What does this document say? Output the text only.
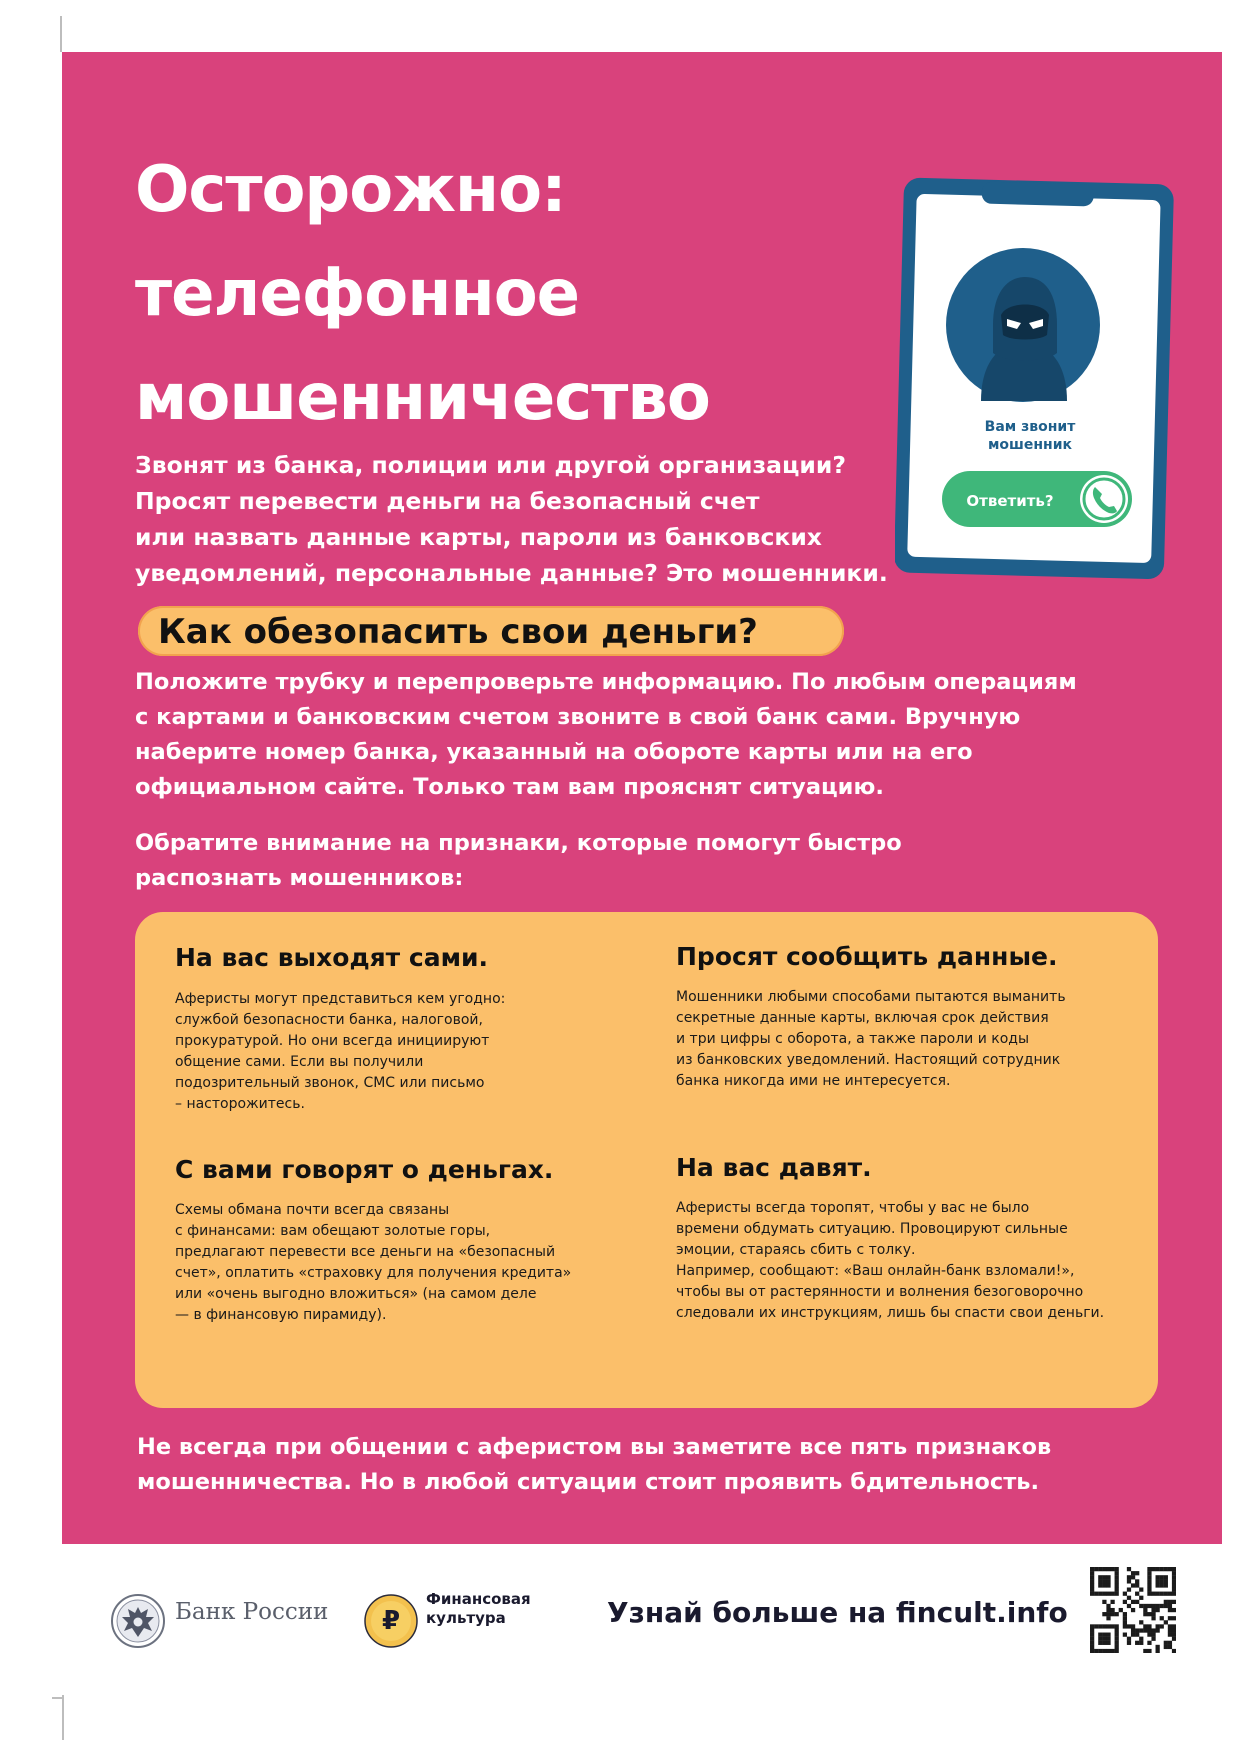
Осторожно:
телефонное
мошенничество

Звонят из банка, полиции или другой организации?
Просят перевести деньги на безопасный счет
или назвать данные карты, пароли из банковских
уведомлений, персональные данные? Это мошенники.

Вам звонит
мошенник

Ответить?

Как обезопасить свои деньги?

Положите трубку и перепроверьте информацию. По любым операциям
с картами и банковским счетом звоните в свой банк сами. Вручную
наберите номер банка, указанный на обороте карты или на его
официальном сайте. Только там вам прояснят ситуацию.

Обратите внимание на признаки, которые помогут быстро
распознать мошенников:

На вас выходят сами.

Аферисты могут представиться кем угодно:
службой безопасности банка, налоговой,
прокуратурой. Но они всегда инициируют
общение сами. Если вы получили
подозрительный звонок, СМС или письмо
– насторожитесь.

Просят сообщить данные.

Мошенники любыми способами пытаются выманить
секретные данные карты, включая срок действия
и три цифры с оборота, а также пароли и коды
из банковских уведомлений. Настоящий сотрудник
банка никогда ими не интересуется.

С вами говорят о деньгах.

Схемы обмана почти всегда связаны
с финансами: вам обещают золотые горы,
предлагают перевести все деньги на «безопасный
счет», оплатить «страховку для получения кредита»
или «очень выгодно вложиться» (на самом деле
— в финансовую пирамиду).

На вас давят.

Аферисты всегда торопят, чтобы у вас не было
времени обдумать ситуацию. Провоцируют сильные
эмоции, стараясь сбить с толку.
Например, сообщают: «Ваш онлайн-банк взломали!»,
чтобы вы от растерянности и волнения безоговорочно
следовали их инструкциям, лишь бы спасти свои деньги.

Не всегда при общении с аферистом вы заметите все пять признаков
мошенничества. Но в любой ситуации стоит проявить бдительность.

Банк России	₽

Финансовая
культура	Узнай больше на fincult.info
